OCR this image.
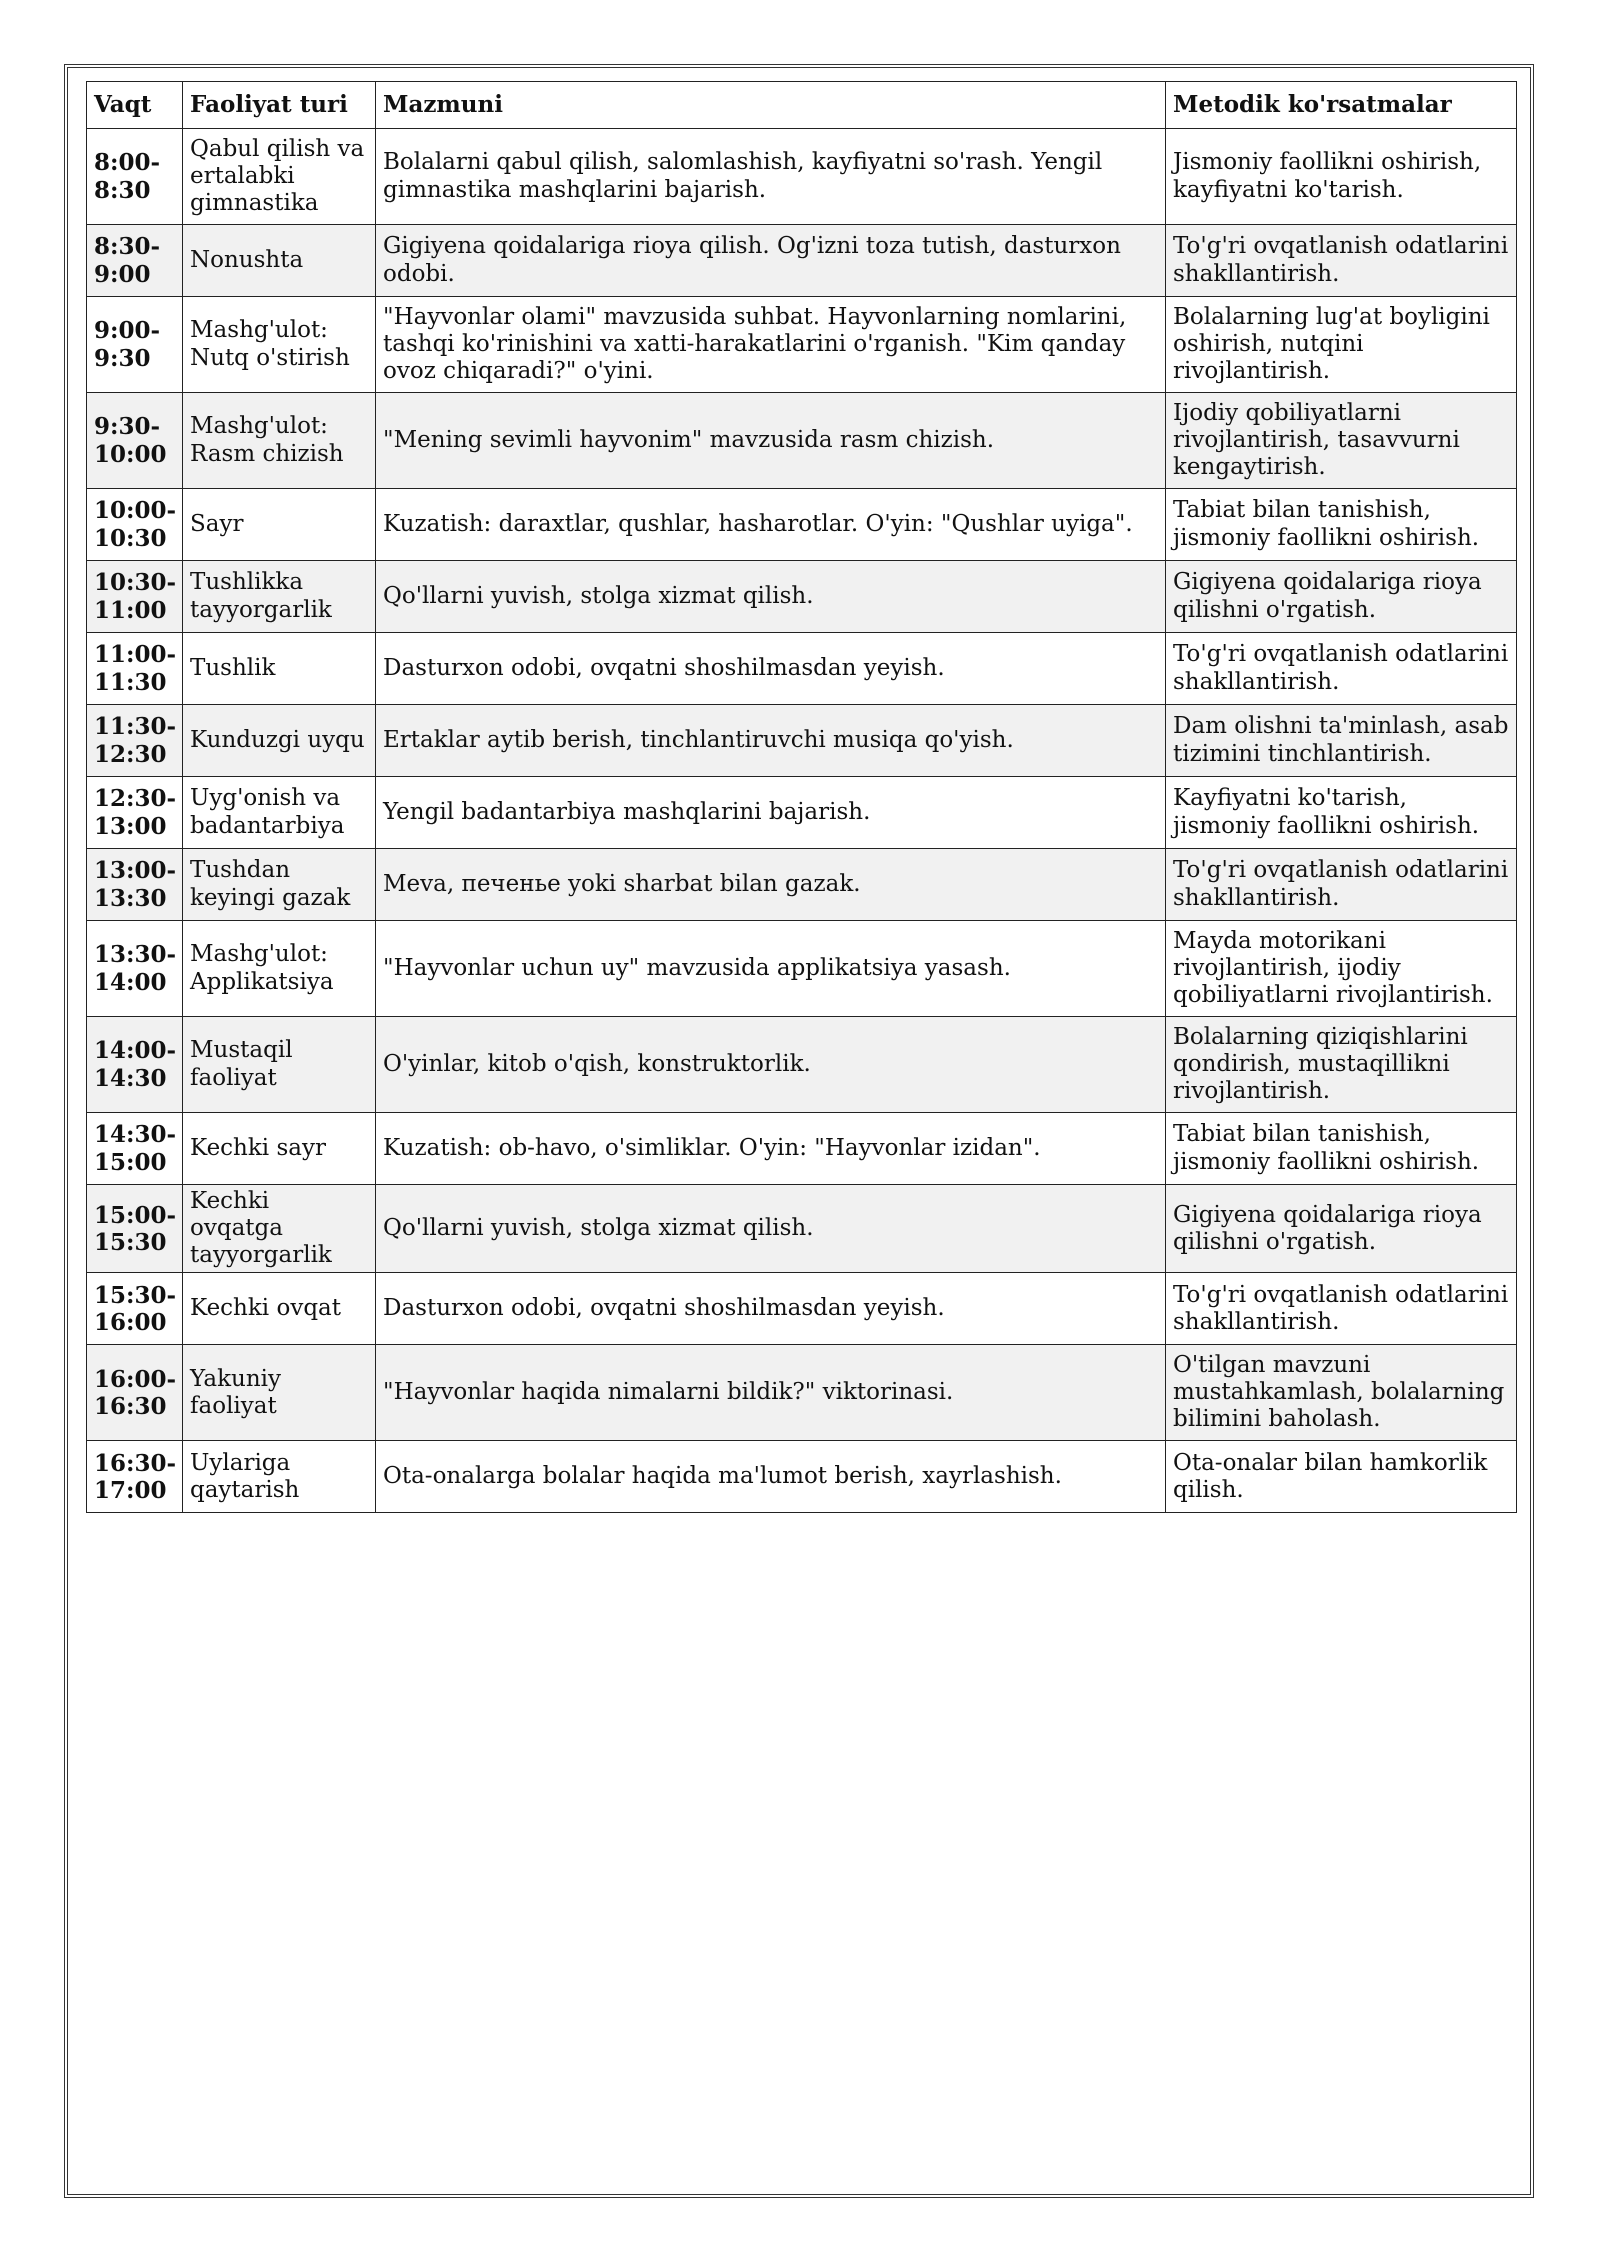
Vaqt	Faoliyat turi	Mazmuni	Metodik ko'rsatmalar
8:00-8:30	Qabul qilish va ertalabki gimnastika	Bolalarni qabul qilish, salomlashish, kayfiyatni so'rash. Yengil gimnastika mashqlarini bajarish.	Jismoniy faollikni oshirish, kayfiyatni ko'tarish.
8:30-9:00	Nonushta	Gigiyena qoidalariga rioya qilish. Og'izni toza tutish, dasturxon odobi.	To'g'ri ovqatlanish odatlarini shakllantirish.
9:00-9:30	Mashg'ulot: Nutq o'stirish	"Hayvonlar olami" mavzusida suhbat. Hayvonlarning nomlarini, tashqi ko'rinishini va xatti-harakatlarini o'rganish. "Kim qanday ovoz chiqaradi?" o'yini.	Bolalarning lug'at boyligini oshirish, nutqini rivojlantirish.
9:30-10:00	Mashg'ulot: Rasm chizish	"Mening sevimli hayvonim" mavzusida rasm chizish.	Ijodiy qobiliyatlarni rivojlantirish, tasavvurni kengaytirish.
10:00-10:30	Sayr	Kuzatish: daraxtlar, qushlar, hasharotlar. O'yin: "Qushlar uyiga".	Tabiat bilan tanishish, jismoniy faollikni oshirish.
10:30-11:00	Tushlikka tayyorgarlik	Qo'llarni yuvish, stolga xizmat qilish.	Gigiyena qoidalariga rioya qilishni o'rgatish.
11:00-11:30	Tushlik	Dasturxon odobi, ovqatni shoshilmasdan yeyish.	To'g'ri ovqatlanish odatlarini shakllantirish.
11:30-12:30	Kunduzgi uyqu	Ertaklar aytib berish, tinchlantiruvchi musiqa qo'yish.	Dam olishni ta'minlash, asab tizimini tinchlantirish.
12:30-13:00	Uyg'onish va badantarbiya	Yengil badantarbiya mashqlarini bajarish.	Kayfiyatni ko'tarish, jismoniy faollikni oshirish.
13:00-13:30	Tushdan keyingi gazak	Meva, печенье yoki sharbat bilan gazak.	To'g'ri ovqatlanish odatlarini shakllantirish.
13:30-14:00	Mashg'ulot: Applikatsiya	"Hayvonlar uchun uy" mavzusida applikatsiya yasash.	Mayda motorikani rivojlantirish, ijodiy qobiliyatlarni rivojlantirish.
14:00-14:30	Mustaqil faoliyat	O'yinlar, kitob o'qish, konstruktorlik.	Bolalarning qiziqishlarini qondirish, mustaqillikni rivojlantirish.
14:30-15:00	Kechki sayr	Kuzatish: ob-havo, o'simliklar. O'yin: "Hayvonlar izidan".	Tabiat bilan tanishish, jismoniy faollikni oshirish.
15:00-15:30	Kechki ovqatga tayyorgarlik	Qo'llarni yuvish, stolga xizmat qilish.	Gigiyena qoidalariga rioya qilishni o'rgatish.
15:30-16:00	Kechki ovqat	Dasturxon odobi, ovqatni shoshilmasdan yeyish.	To'g'ri ovqatlanish odatlarini shakllantirish.
16:00-16:30	Yakuniy faoliyat	"Hayvonlar haqida nimalarni bildik?" viktorinasi.	O'tilgan mavzuni mustahkamlash, bolalarning bilimini baholash.
16:30-17:00	Uylariga qaytarish	Ota-onalarga bolalar haqida ma'lumot berish, xayrlashish.	Ota-onalar bilan hamkorlik qilish.
